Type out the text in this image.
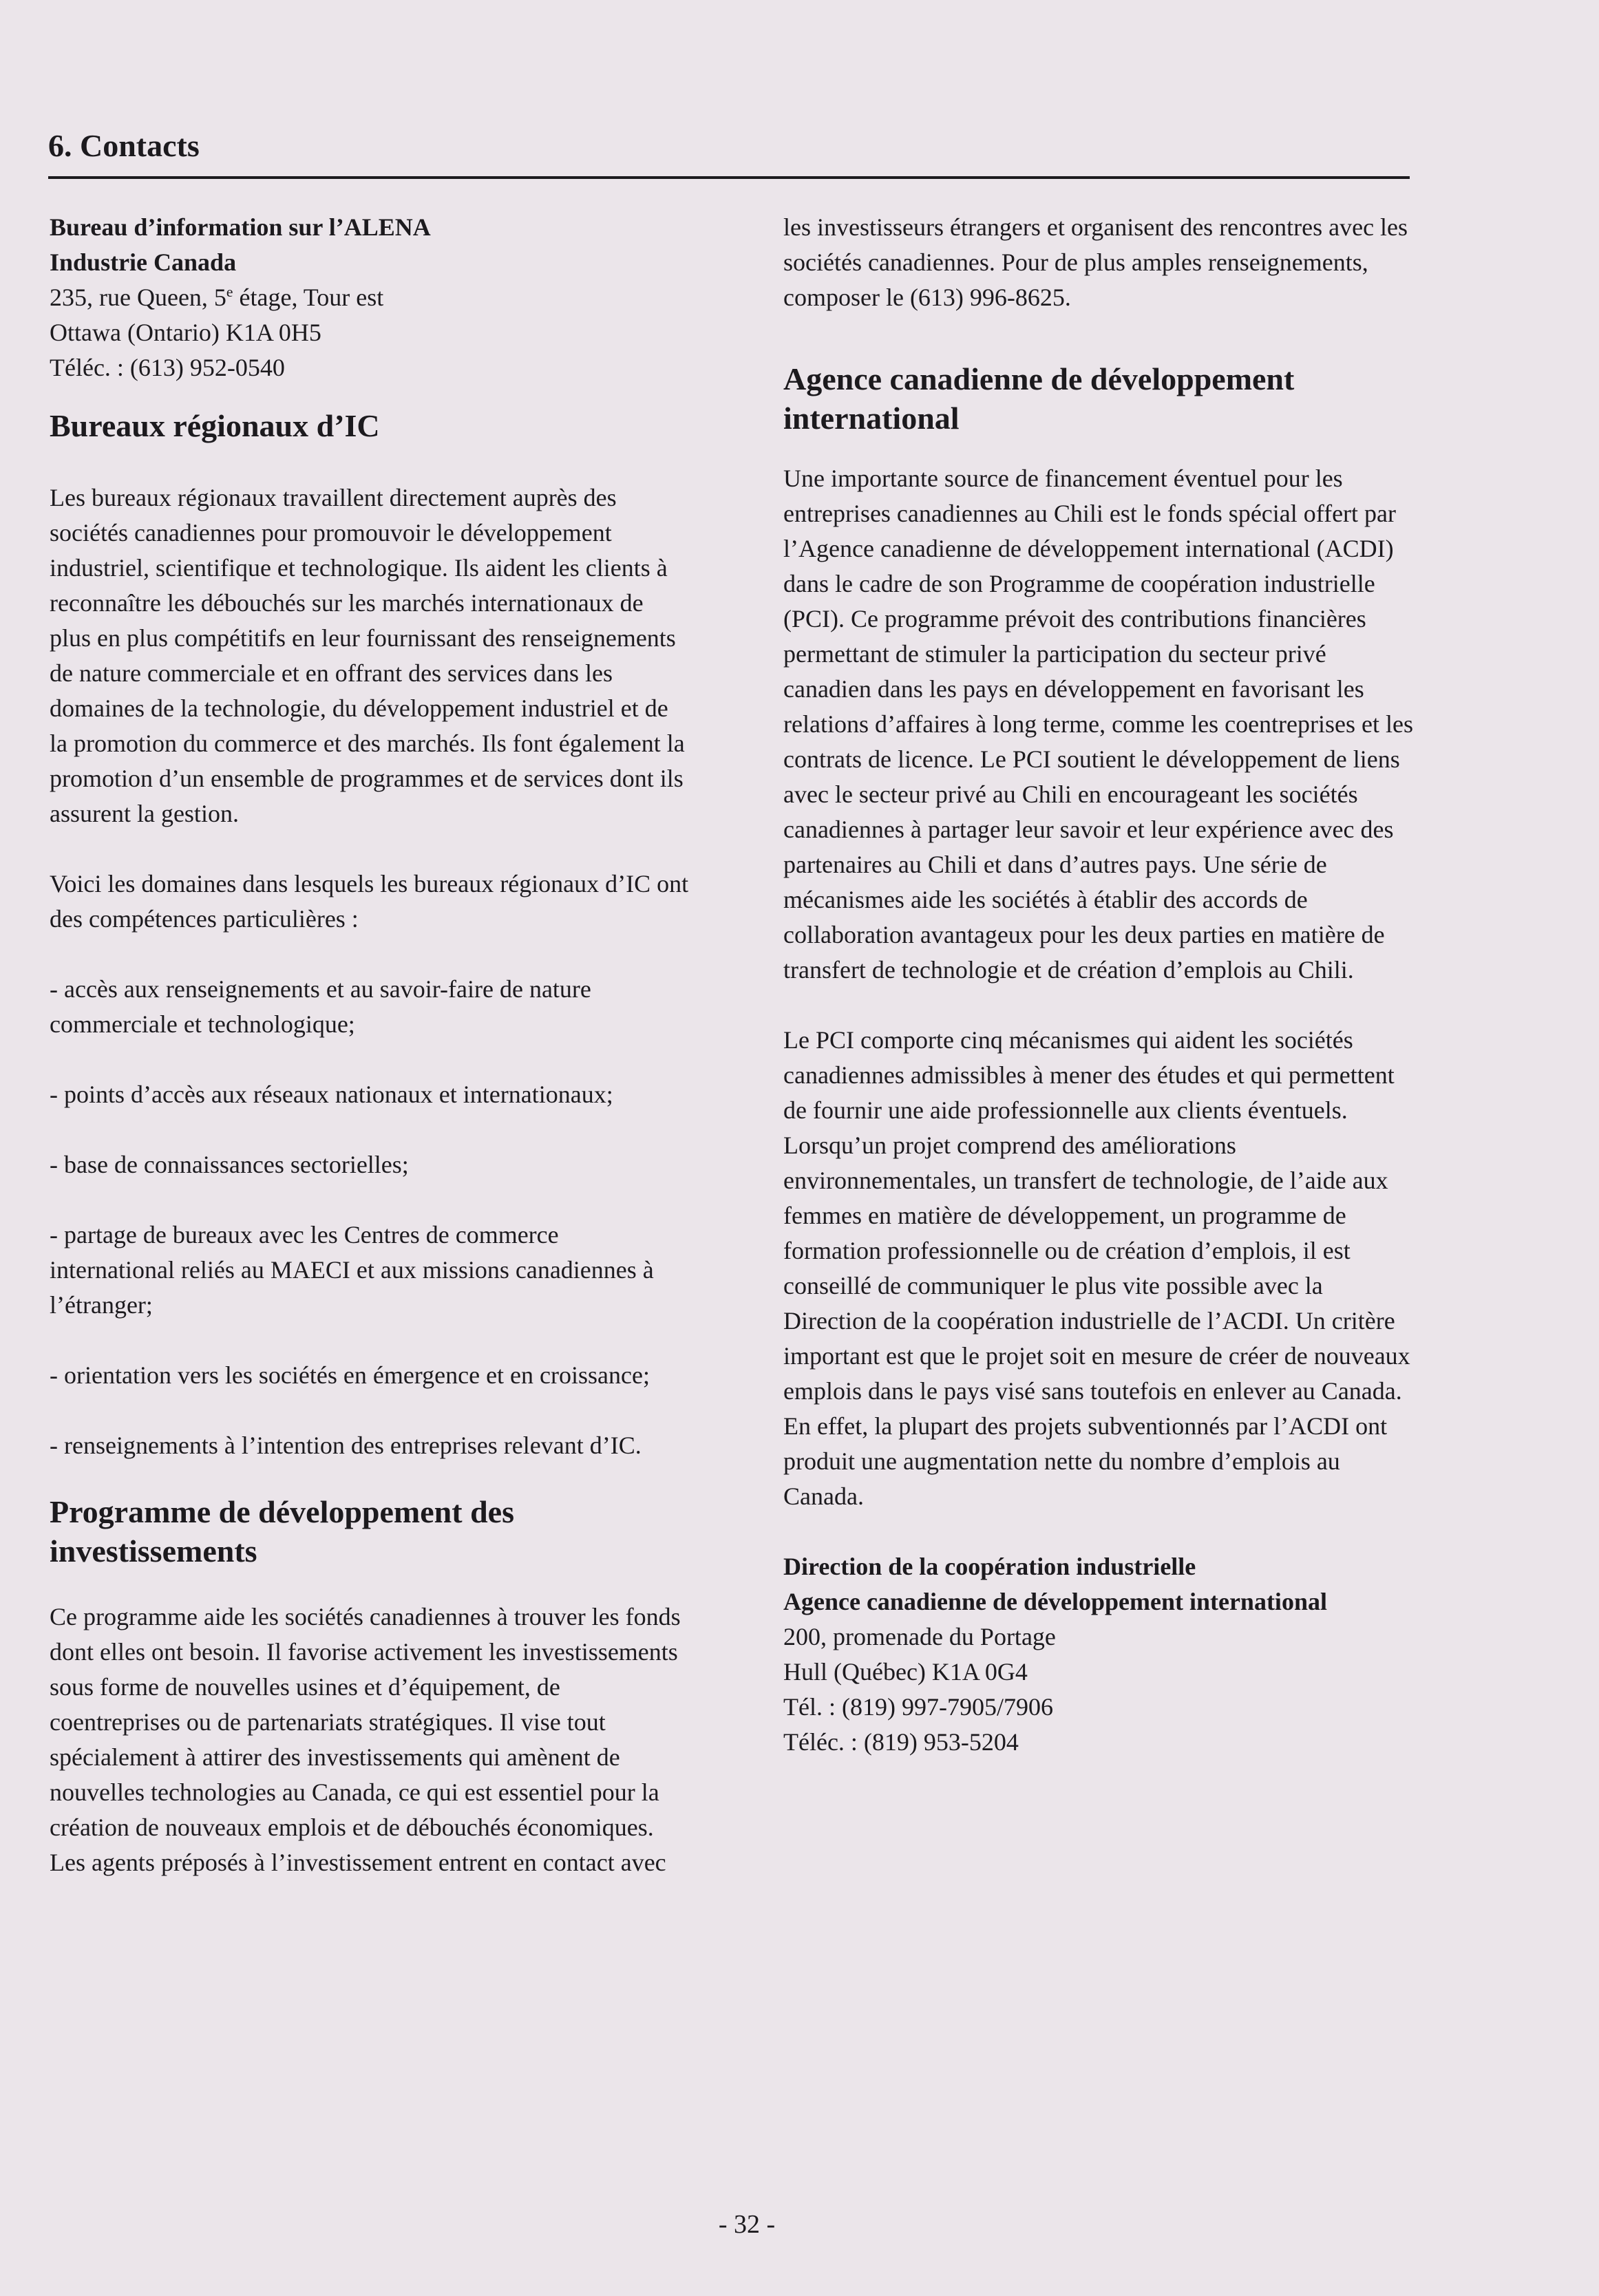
6. Contacts
Bureau d’information sur l’ALENA
Industrie Canada
235, rue Queen, 5e étage, Tour est
Ottawa (Ontario) K1A 0H5
Téléc. : (613) 952-0540
Bureaux régionaux d’IC

Les bureaux régionaux travaillent directement auprès des sociétés canadiennes pour promouvoir le développement industriel, scientifique et technologique. Ils aident les clients à reconnaître les débouchés sur les marchés internationaux de plus en plus compétitifs en leur fournissant des renseignements de nature commerciale et en offrant des services dans les domaines de la technologie, du développement industriel et de la promotion du commerce et des marchés. Ils font également la promotion d’un ensemble de programmes et de services dont ils assurent la gestion.

Voici les domaines dans lesquels les bureaux régionaux d’IC ont des compétences particulières :

- accès aux renseignements et au savoir-faire de nature commerciale et technologique;

- points d’accès aux réseaux nationaux et internationaux;

- base de connaissances sectorielles;

- partage de bureaux avec les Centres de commerce international reliés au MAECI et aux missions canadiennes à l’étranger;

- orientation vers les sociétés en émergence et en croissance;

- renseignements à l’intention des entreprises relevant d’IC.

Programme de développement des investissements

Ce programme aide les sociétés canadiennes à trouver les fonds dont elles ont besoin. Il favorise activement les investissements sous forme de nouvelles usines et d’équipement, de coentreprises ou de partenariats stratégiques. Il vise tout spécialement à attirer des investissements qui amènent de nouvelles technologies au Canada, ce qui est essentiel pour la création de nouveaux emplois et de débouchés économiques. Les agents préposés à l’investissement entrent en contact avec

les investisseurs étrangers et organisent des rencontres avec les sociétés canadiennes. Pour de plus amples renseignements, composer le (613) 996-8625.

Agence canadienne de développement international

Une importante source de financement éventuel pour les entreprises canadiennes au Chili est le fonds spécial offert par l’Agence canadienne de développement international (ACDI) dans le cadre de son Programme de coopération industrielle (PCI). Ce programme prévoit des contributions financières permettant de stimuler la participation du secteur privé canadien dans les pays en développement en favorisant les relations d’affaires à long terme, comme les coentreprises et les contrats de licence. Le PCI soutient le développement de liens avec le secteur privé au Chili en encourageant les sociétés canadiennes à partager leur savoir et leur expérience avec des partenaires au Chili et dans d’autres pays. Une série de mécanismes aide les sociétés à établir des accords de collaboration avantageux pour les deux parties en matière de transfert de technologie et de création d’emplois au Chili.

Le PCI comporte cinq mécanismes qui aident les sociétés canadiennes admissibles à mener des études et qui permettent de fournir une aide professionnelle aux clients éventuels. Lorsqu’un projet comprend des améliorations environnementales, un transfert de technologie, de l’aide aux femmes en matière de développement, un programme de formation professionnelle ou de création d’emplois, il est conseillé de communiquer le plus vite possible avec la Direction de la coopération industrielle de l’ACDI. Un critère important est que le projet soit en mesure de créer de nouveaux emplois dans le pays visé sans toutefois en enlever au Canada. En effet, la plupart des projets subventionnés par l’ACDI ont produit une augmentation nette du nombre d’emplois au Canada.

Direction de la coopération industrielle
Agence canadienne de développement international
200, promenade du Portage
Hull (Québec) K1A 0G4
Tél. : (819) 997-7905/7906
Téléc. : (819) 953-5204
- 32 -
